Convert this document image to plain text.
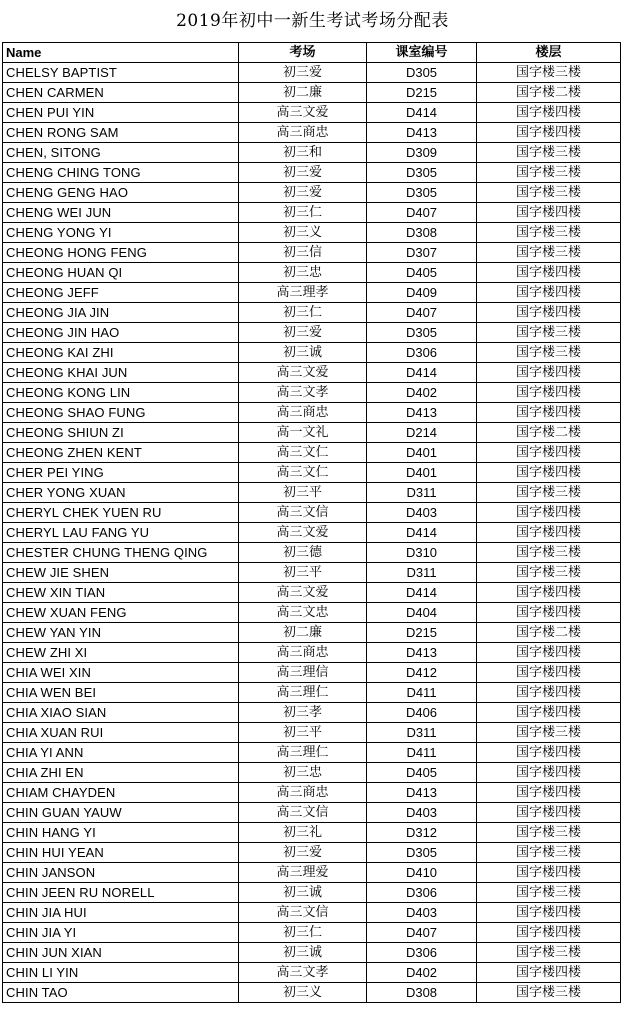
2019年初中一新生考试考场分配表
Name	考场	课室编号	楼层
CHELSY BAPTIST	初三爱	D305	国字楼三楼
CHEN CARMEN	初二廉	D215	国字楼二楼
CHEN PUI YIN	高三文爱	D414	国字楼四楼
CHEN RONG SAM	高三商忠	D413	国字楼四楼
CHEN, SITONG	初三和	D309	国字楼三楼
CHENG CHING TONG	初三爱	D305	国字楼三楼
CHENG GENG HAO	初三爱	D305	国字楼三楼
CHENG WEI JUN	初三仁	D407	国字楼四楼
CHENG YONG YI	初三义	D308	国字楼三楼
CHEONG HONG FENG	初三信	D307	国字楼三楼
CHEONG HUAN QI	初三忠	D405	国字楼四楼
CHEONG JEFF	高三理孝	D409	国字楼四楼
CHEONG JIA JIN	初三仁	D407	国字楼四楼
CHEONG JIN HAO	初三爱	D305	国字楼三楼
CHEONG KAI ZHI	初三诚	D306	国字楼三楼
CHEONG KHAI JUN	高三文爱	D414	国字楼四楼
CHEONG KONG LIN	高三文孝	D402	国字楼四楼
CHEONG SHAO FUNG	高三商忠	D413	国字楼四楼
CHEONG SHIUN ZI	高一文礼	D214	国字楼二楼
CHEONG ZHEN KENT	高三文仁	D401	国字楼四楼
CHER PEI YING	高三文仁	D401	国字楼四楼
CHER YONG XUAN	初三平	D311	国字楼三楼
CHERYL CHEK YUEN RU	高三文信	D403	国字楼四楼
CHERYL LAU FANG YU	高三文爱	D414	国字楼四楼
CHESTER CHUNG THENG QING	初三德	D310	国字楼三楼
CHEW JIE SHEN	初三平	D311	国字楼三楼
CHEW XIN TIAN	高三文爱	D414	国字楼四楼
CHEW XUAN FENG	高三文忠	D404	国字楼四楼
CHEW YAN YIN	初二廉	D215	国字楼二楼
CHEW ZHI XI	高三商忠	D413	国字楼四楼
CHIA WEI XIN	高三理信	D412	国字楼四楼
CHIA WEN BEI	高三理仁	D411	国字楼四楼
CHIA XIAO SIAN	初三孝	D406	国字楼四楼
CHIA XUAN RUI	初三平	D311	国字楼三楼
CHIA YI ANN	高三理仁	D411	国字楼四楼
CHIA ZHI EN	初三忠	D405	国字楼四楼
CHIAM CHAYDEN	高三商忠	D413	国字楼四楼
CHIN GUAN YAUW	高三文信	D403	国字楼四楼
CHIN HANG YI	初三礼	D312	国字楼三楼
CHIN HUI YEAN	初三爱	D305	国字楼三楼
CHIN JANSON	高三理爱	D410	国字楼四楼
CHIN JEEN RU NORELL	初三诚	D306	国字楼三楼
CHIN JIA HUI	高三文信	D403	国字楼四楼
CHIN JIA YI	初三仁	D407	国字楼四楼
CHIN JUN XIAN	初三诚	D306	国字楼三楼
CHIN LI YIN	高三文孝	D402	国字楼四楼
CHIN TAO	初三义	D308	国字楼三楼
